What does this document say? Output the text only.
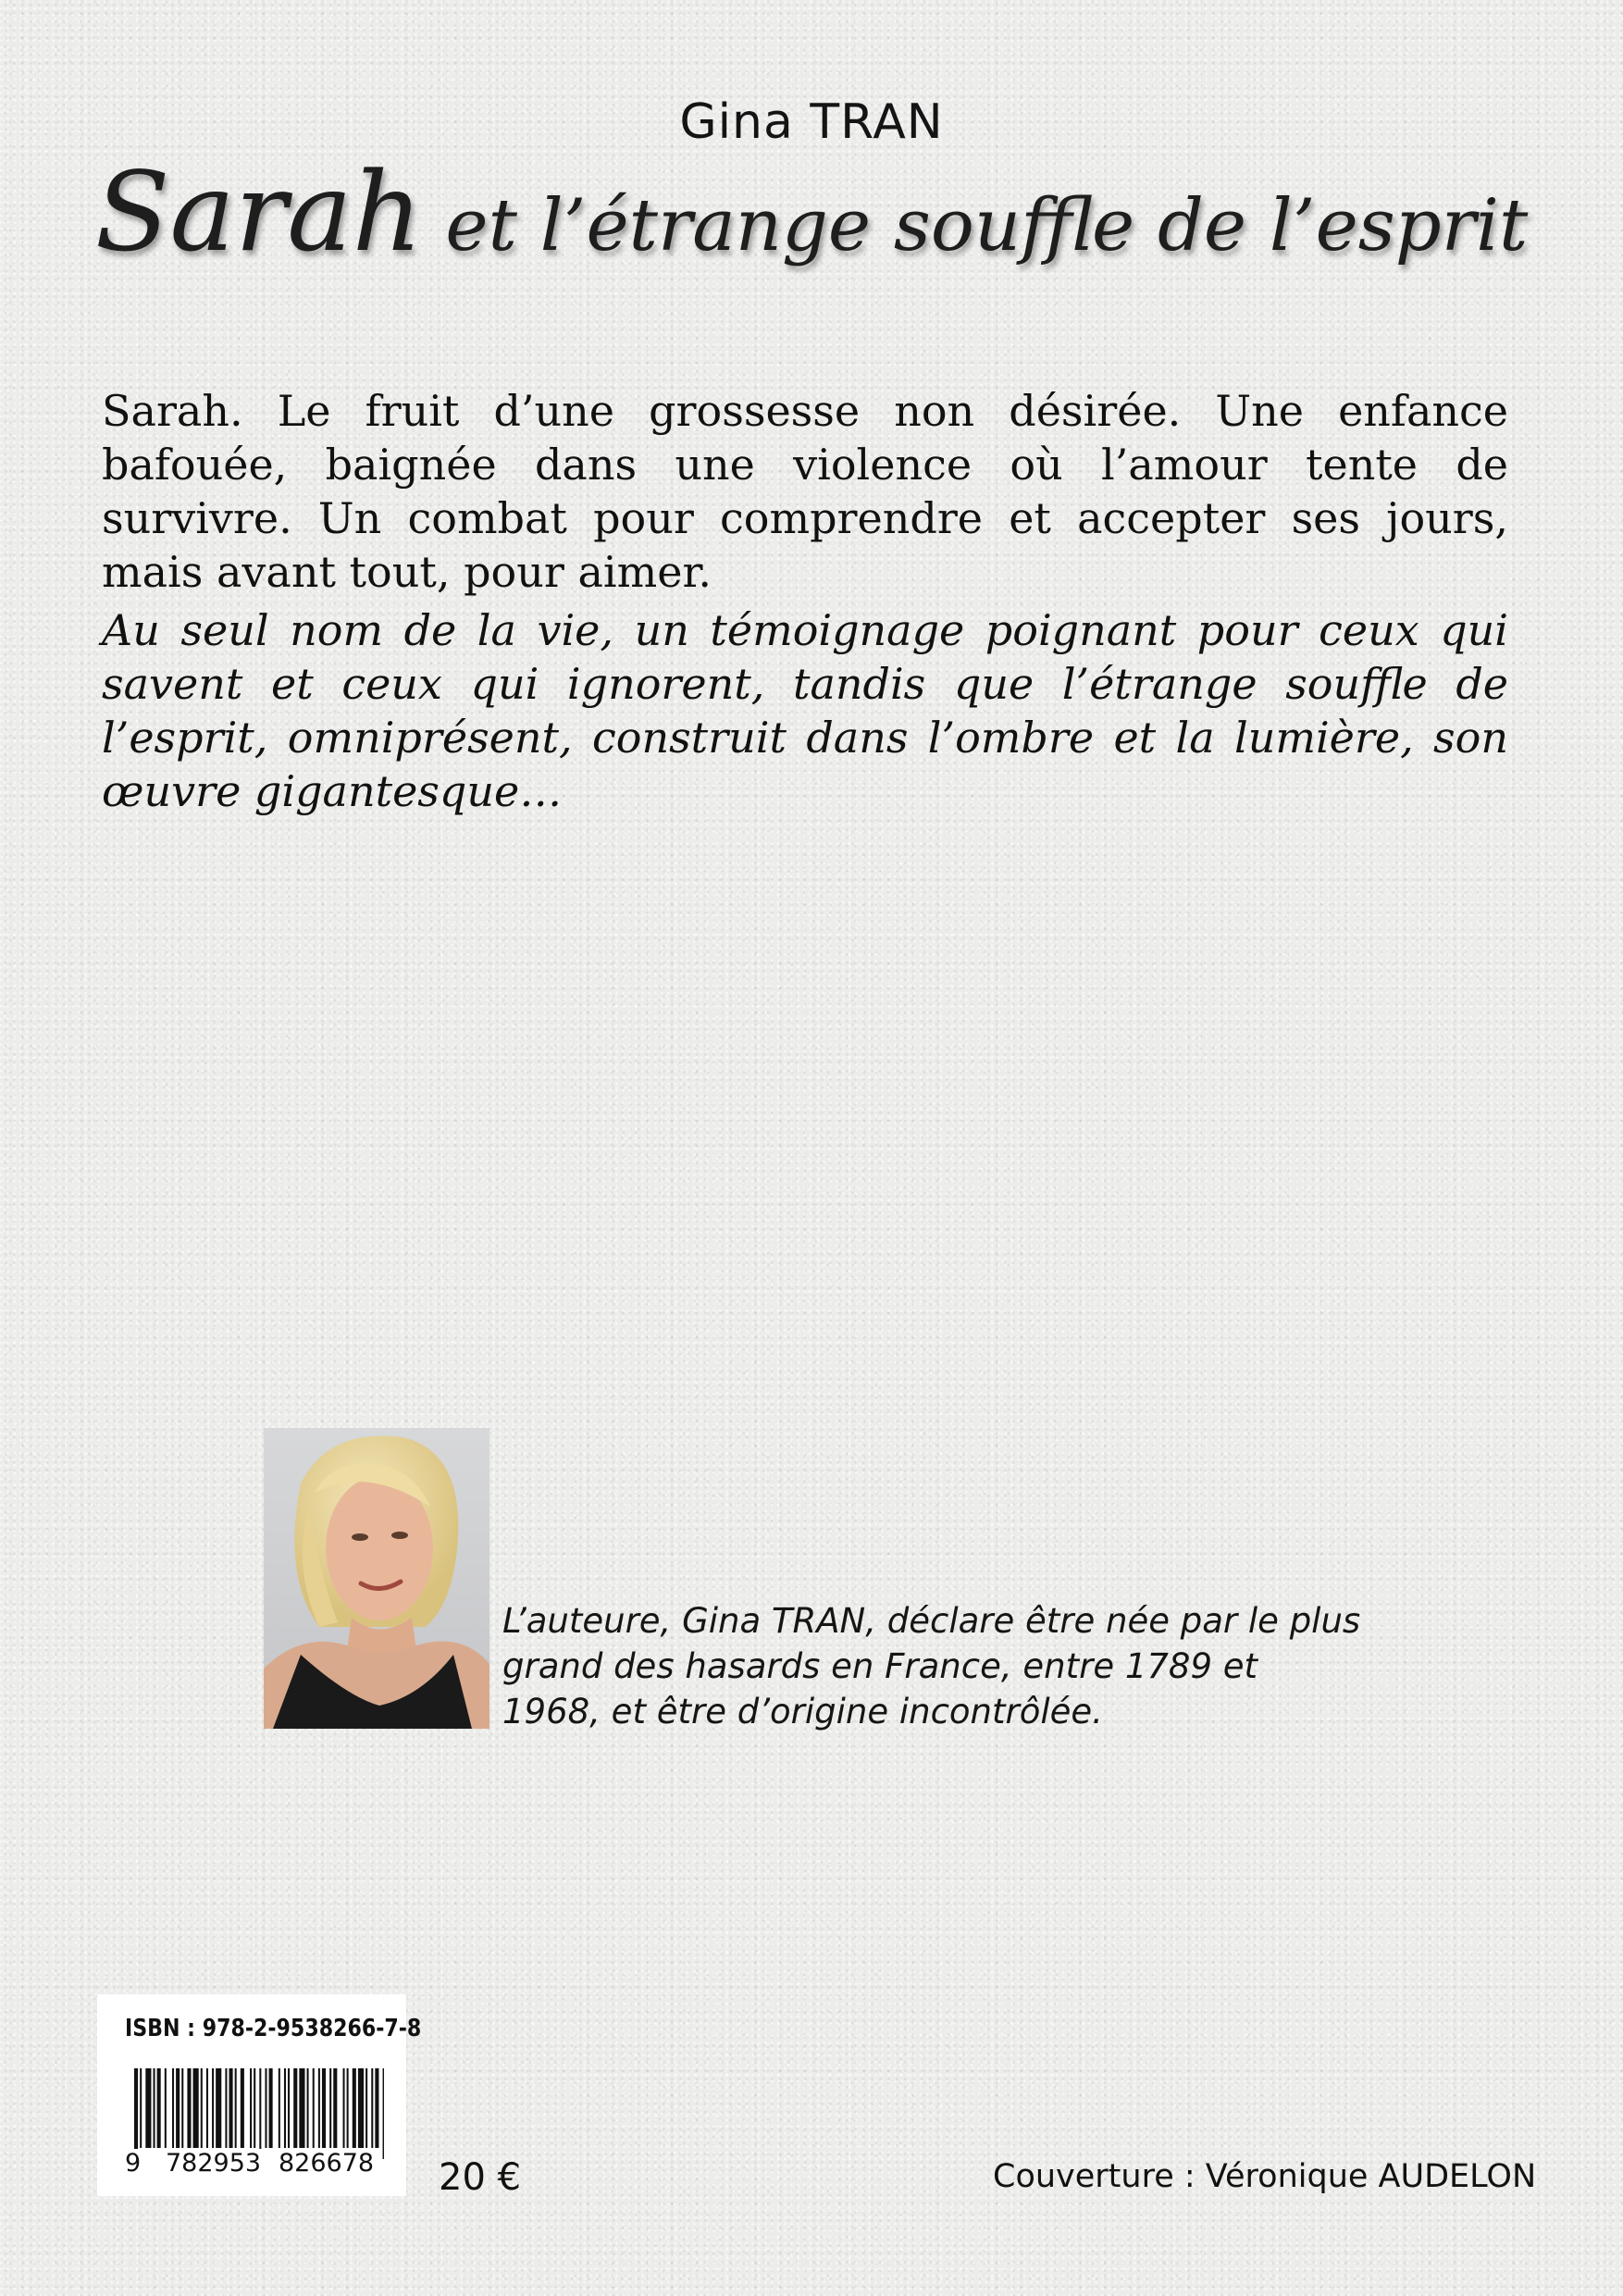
Gina TRAN
Sarah et l’étrange souffle de l’esprit

Sarah. Le fruit d’une grossesse non désirée. Une enfance bafouée, baignée dans une violence où l’amour tente de survivre. Un combat pour comprendre et accepter ses jours, mais avant tout, pour aimer.

Au seul nom de la vie, un témoignage poignant pour ceux qui savent et ceux qui ignorent, tandis que l’étrange souffle de l’esprit, omniprésent, construit dans l’ombre et la lumière, son œuvre gigantesque…

L’auteure, Gina TRAN, déclare être née par le plus grand des hasards en France, entre 1789 et 1968, et être d’origine incontrôlée.

ISBN : 978-2-9538266-7-8
9 782953 826678 20 €	Couverture : Véronique AUDELON
